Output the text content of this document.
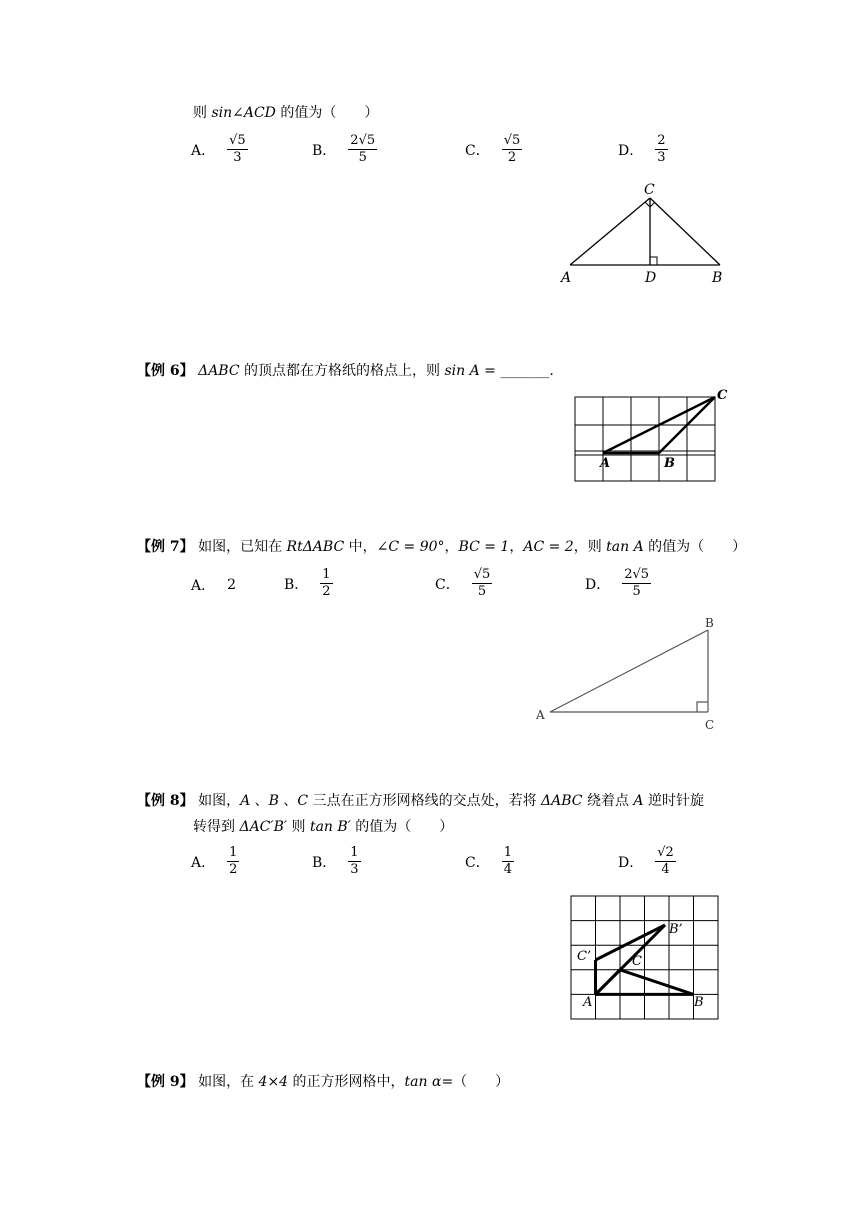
则 sin∠ACD 的值为（　　）
A． $\frac{√5}{3}$	B． $\frac{2√5}{5}$	C． $\frac{√5}{2}$	D． $\frac{2}{3}$
C
A	D	B
【例 6】 ΔABC 的顶点都在方格纸的格点上，则 sin A = _______.
C
A	B
【例 7】 如图，已知在 RtΔABC 中，∠C = 90°，BC = 1，AC = 2，则 tan A 的值为（　　）
A． 2	B． $\frac{1}{2}$	C． $\frac{√5}{5}$	D． $\frac{2√5}{5}$
A
B
C
【例 8】 如图，A 、B 、C 三点在正方形网格线的交点处，若将 ΔABC 绕着点 A 逆时针旋
转得到 ΔAC′B′ 则 tan B′ 的值为（　　）
A． $\frac{1}{2}$	B． $\frac{1}{3}$	C． $\frac{1}{4}$	D． $\frac{√2}{4}$
B’
C’	C
A	B
【例 9】 如图，在 4×4 的正方形网格中，tan α=（　　）
